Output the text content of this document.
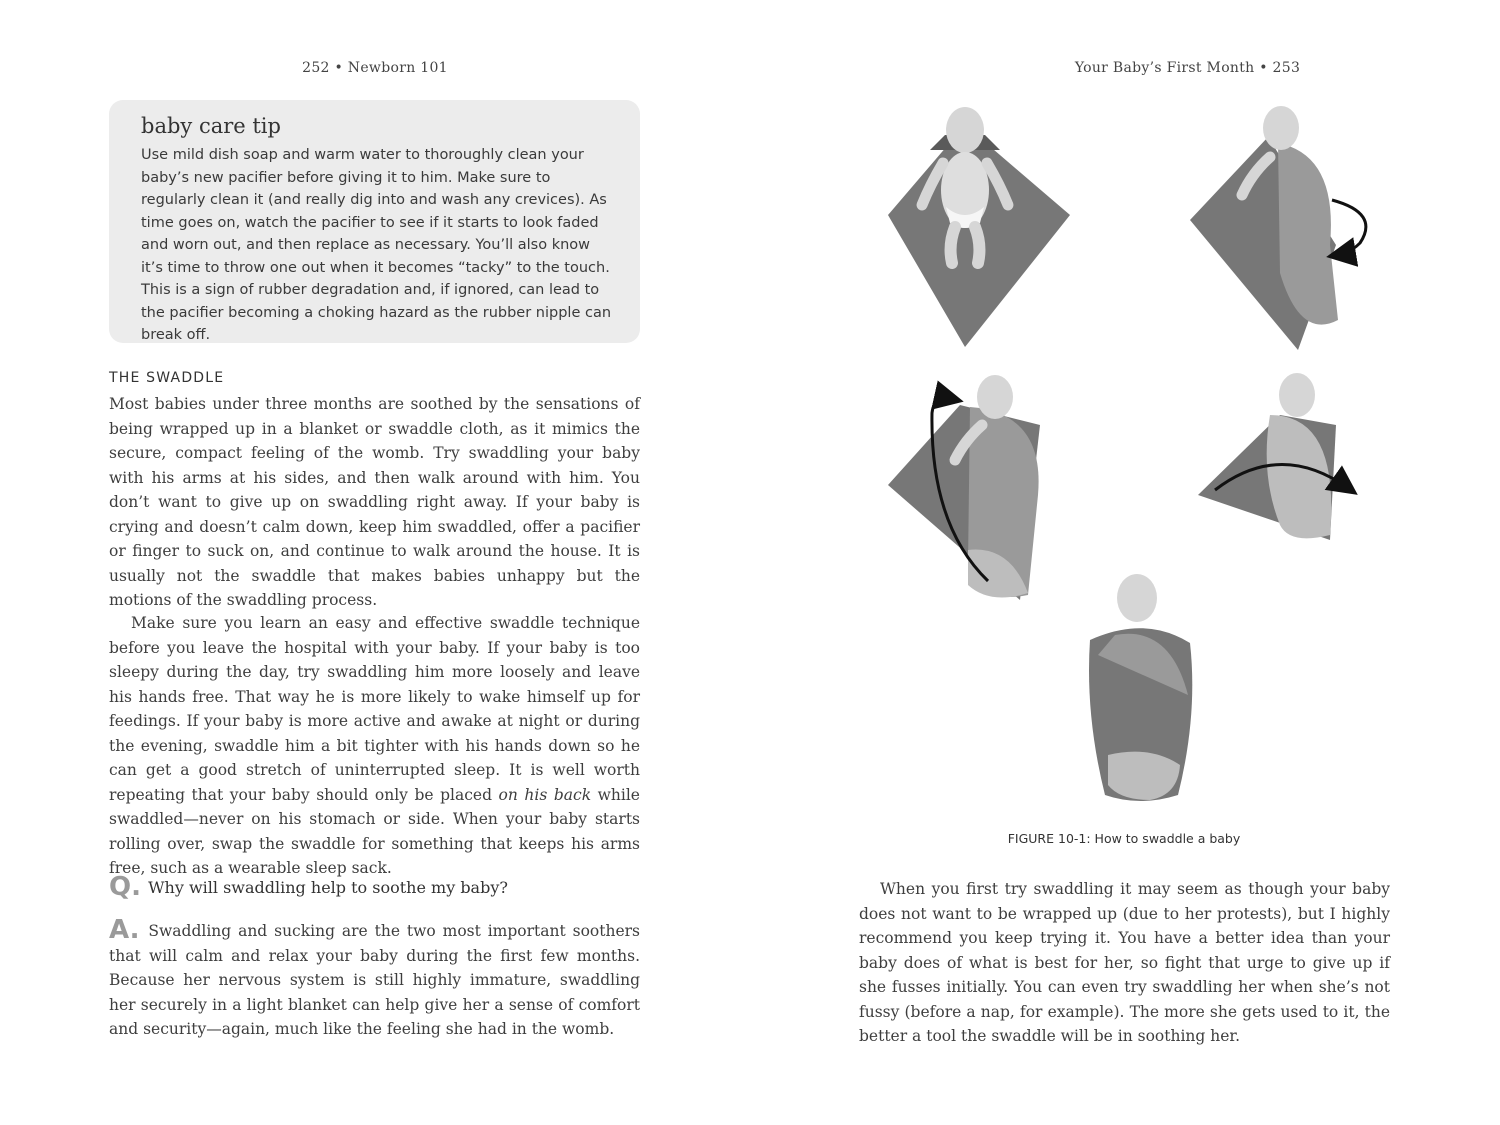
252 • Newborn 101
baby care tip

Use mild dish soap and warm water to thoroughly clean your baby’s new pacifier before giving it to him. Make sure to regularly clean it (and really dig into and wash any crevices). As time goes on, watch the pacifier to see if it starts to look faded and worn out, and then replace as necessary. You’ll also know it’s time to throw one out when it becomes “tacky” to the touch. This is a sign of rubber degradation and, if ignored, can lead to the pacifier becoming a choking hazard as the rubber nipple can break off.

THE SWADDLE

Most babies under three months are soothed by the sensations of being wrapped up in a blanket or swaddle cloth, as it mimics the secure, compact feeling of the womb. Try swaddling your baby with his arms at his sides, and then walk around with him. You don’t want to give up on swaddling right away. If your baby is crying and doesn’t calm down, keep him swaddled, offer a pacifier or finger to suck on, and continue to walk around the house. It is usually not the swaddle that makes babies unhappy but the motions of the swaddling process.

Make sure you learn an easy and effective swaddle technique before you leave the hospital with your baby. If your baby is too sleepy during the day, try swaddling him more loosely and leave his hands free. That way he is more likely to wake himself up for feedings. If your baby is more active and awake at night or during the evening, swaddle him a bit tighter with his hands down so he can get a good stretch of uninterrupted sleep. It is well worth repeating that your baby should only be placed on his back while swaddled—never on his stomach or side. When your baby starts rolling over, swap the swaddle for something that keeps his arms free, such as a wearable sleep sack.

Q. Why will swaddling help to soothe my baby?

A. Swaddling and sucking are the two most important soothers that will calm and relax your baby during the first few months. Because her nervous system is still highly immature, swaddling her securely in a light blanket can help give her a sense of comfort and security—again, much like the feeling she had in the womb.

Your Baby’s First Month • 253
FIGURE 10-1: How to swaddle a baby

When you first try swaddling it may seem as though your baby does not want to be wrapped up (due to her protests), but I highly recommend you keep trying it. You have a better idea than your baby does of what is best for her, so fight that urge to give up if she fusses initially. You can even try swaddling her when she’s not fussy (before a nap, for example). The more she gets used to it, the better a tool the swaddle will be in soothing her.
